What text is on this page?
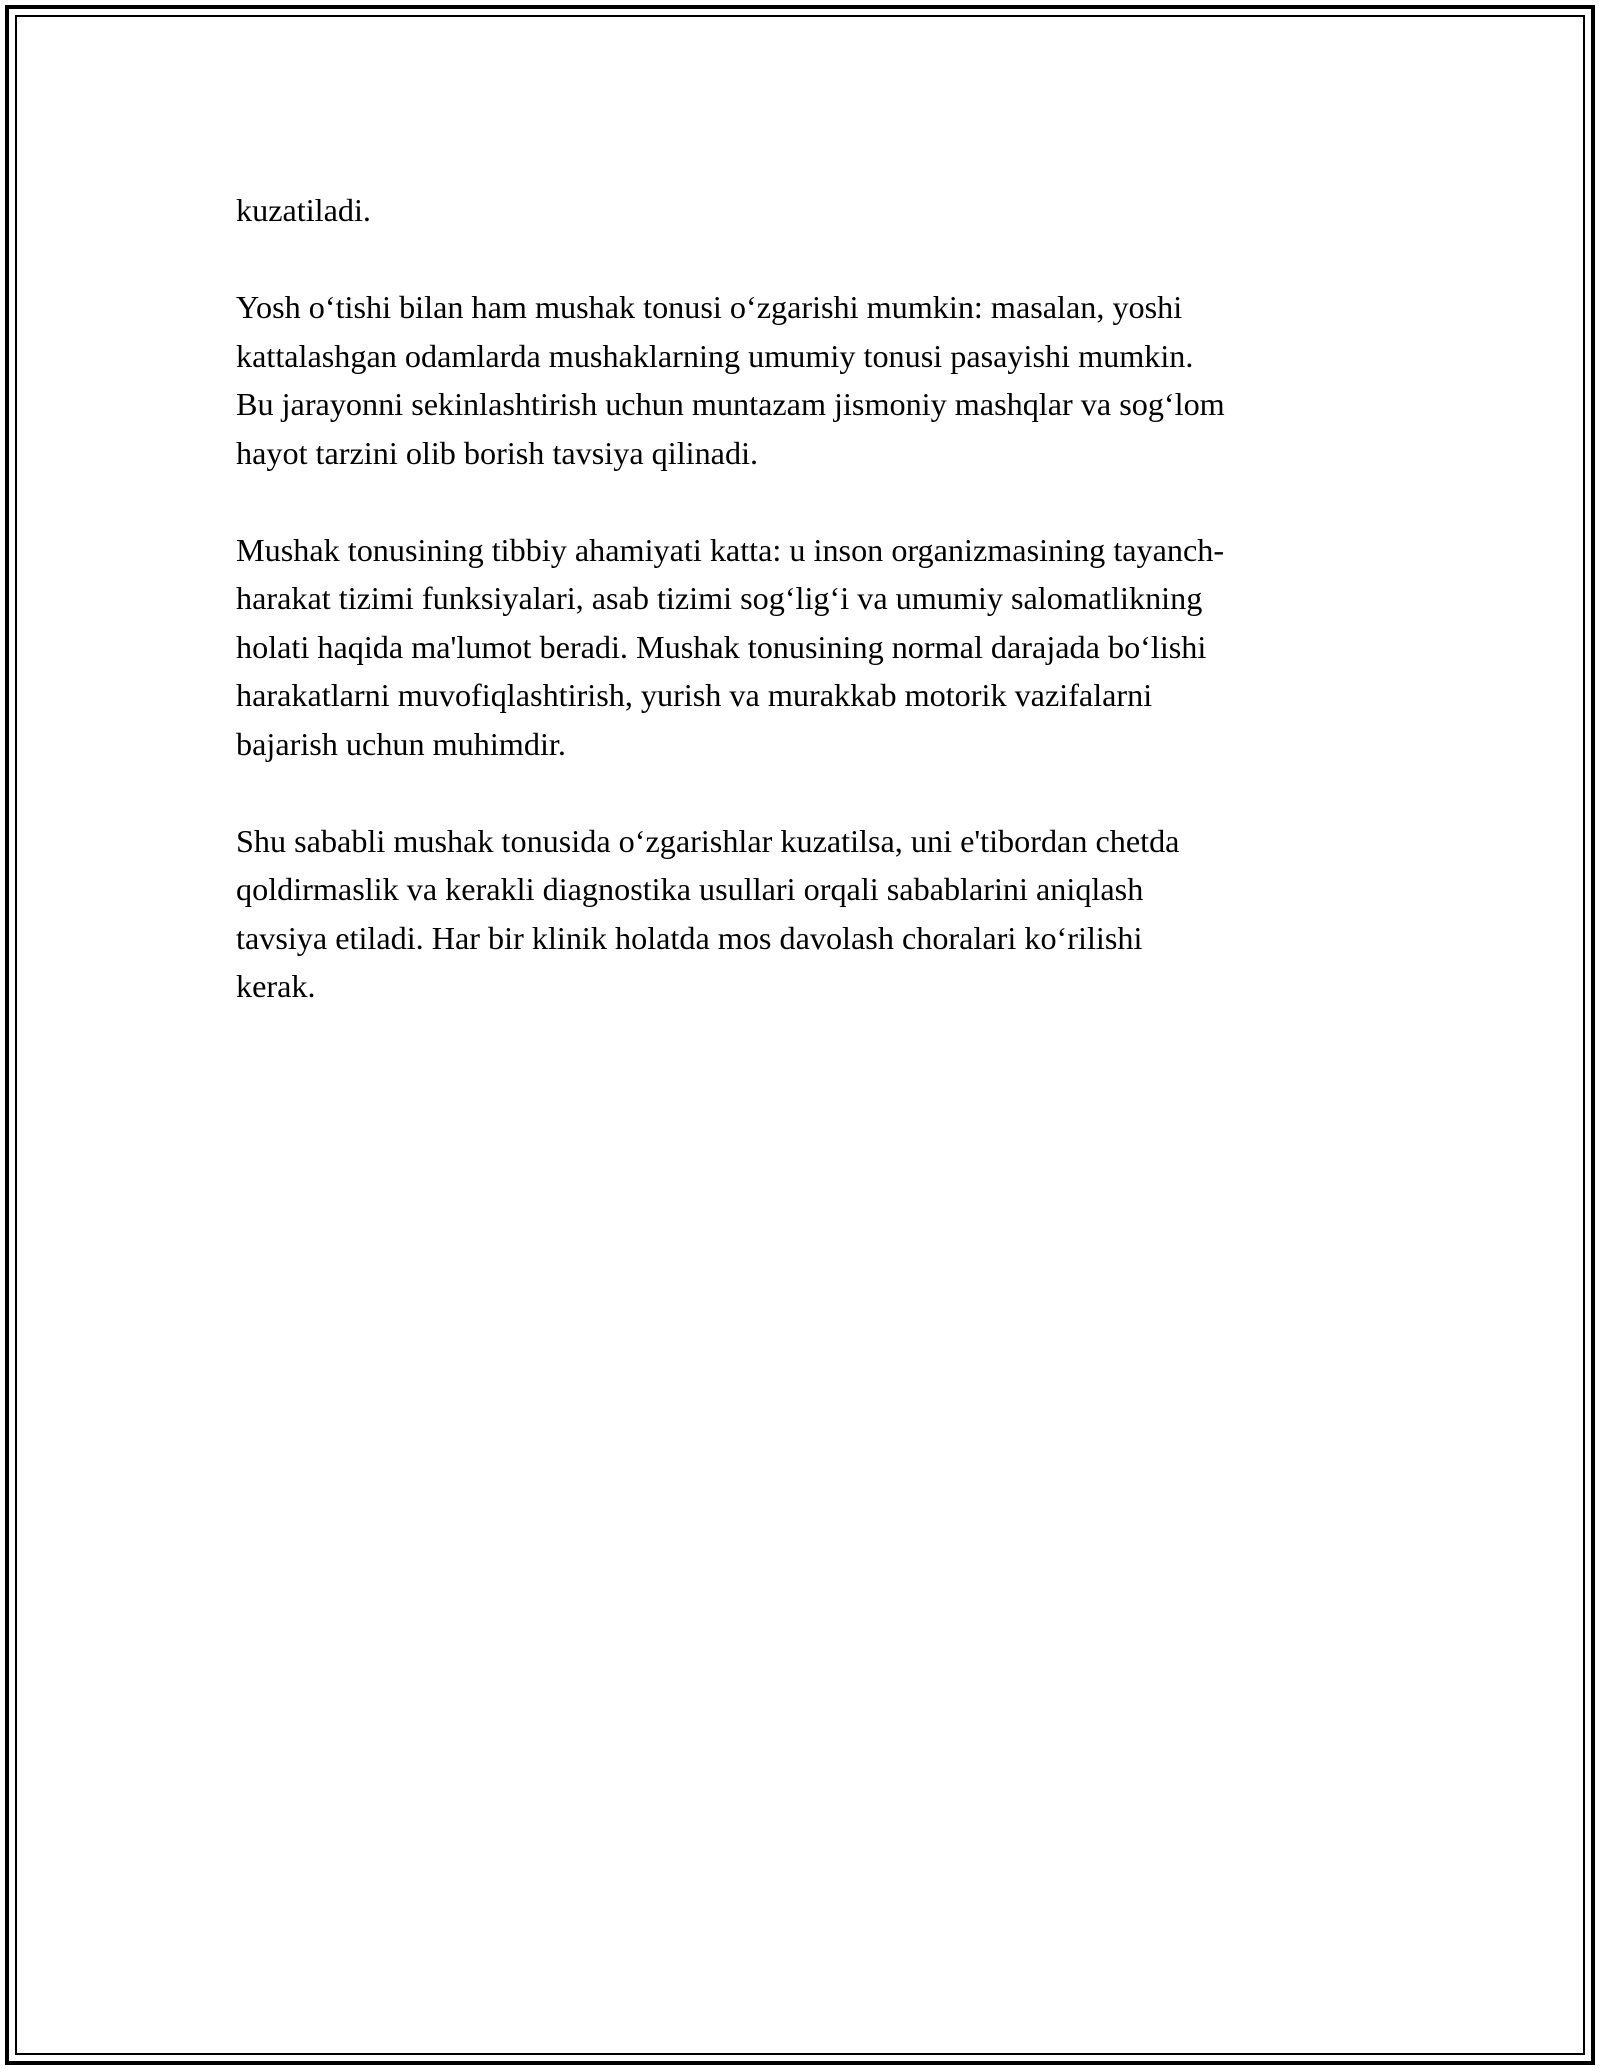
kuzatiladi.

Yosh o‘tishi bilan ham mushak tonusi o‘zgarishi mumkin: masalan, yoshi
kattalashgan odamlarda mushaklarning umumiy tonusi pasayishi mumkin.
Bu jarayonni sekinlashtirish uchun muntazam jismoniy mashqlar va sog‘lom
hayot tarzini olib borish tavsiya qilinadi.

Mushak tonusining tibbiy ahamiyati katta: u inson organizmasining tayanch-
harakat tizimi funksiyalari, asab tizimi sog‘lig‘i va umumiy salomatlikning
holati haqida ma'lumot beradi. Mushak tonusining normal darajada bo‘lishi
harakatlarni muvofiqlashtirish, yurish va murakkab motorik vazifalarni
bajarish uchun muhimdir.

Shu sababli mushak tonusida o‘zgarishlar kuzatilsa, uni e'tibordan chetda
qoldirmaslik va kerakli diagnostika usullari orqali sabablarini aniqlash
tavsiya etiladi. Har bir klinik holatda mos davolash choralari ko‘rilishi
kerak.
